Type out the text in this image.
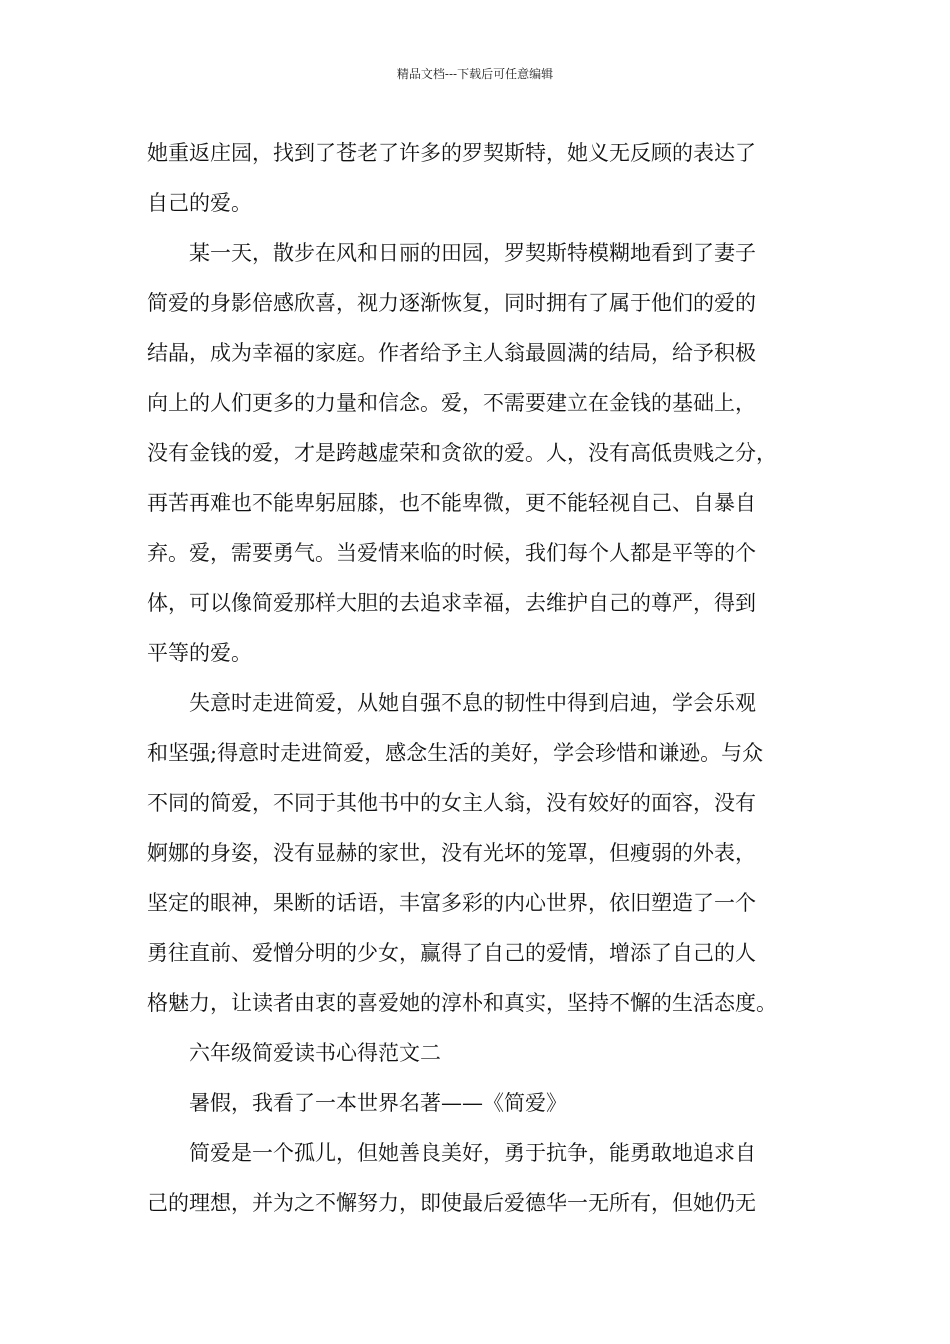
精品文档---下载后可任意编辑
她重返庄园，找到了苍老了许多的罗契斯特，她义无反顾的表达了
自己的爱。
某一天，散步在风和日丽的田园，罗契斯特模糊地看到了妻子
简爱的身影倍感欣喜，视力逐渐恢复，同时拥有了属于他们的爱的
结晶，成为幸福的家庭。作者给予主人翁最圆满的结局，给予积极
向上的人们更多的力量和信念。爱，不需要建立在金钱的基础上，
没有金钱的爱，才是跨越虚荣和贪欲的爱。人，没有高低贵贱之分，
再苦再难也不能卑躬屈膝，也不能卑微，更不能轻视自己、自暴自
弃。爱，需要勇气。当爱情来临的时候，我们每个人都是平等的个
体，可以像简爱那样大胆的去追求幸福，去维护自己的尊严，得到
平等的爱。
失意时走进简爱，从她自强不息的韧性中得到启迪，学会乐观
和坚强;得意时走进简爱，感念生活的美好，学会珍惜和谦逊。与众
不同的简爱，不同于其他书中的女主人翁，没有姣好的面容，没有
婀娜的身姿，没有显赫的家世，没有光坏的笼罩，但瘦弱的外表，
坚定的眼神，果断的话语，丰富多彩的内心世界，依旧塑造了一个
勇往直前、爱憎分明的少女，赢得了自己的爱情，增添了自己的人
格魅力，让读者由衷的喜爱她的淳朴和真实，坚持不懈的生活态度。
六年级简爱读书心得范文二
暑假，我看了一本世界名著——《简爱》
简爱是一个孤儿，但她善良美好，勇于抗争，能勇敢地追求自
己的理想，并为之不懈努力，即使最后爱德华一无所有，但她仍无
